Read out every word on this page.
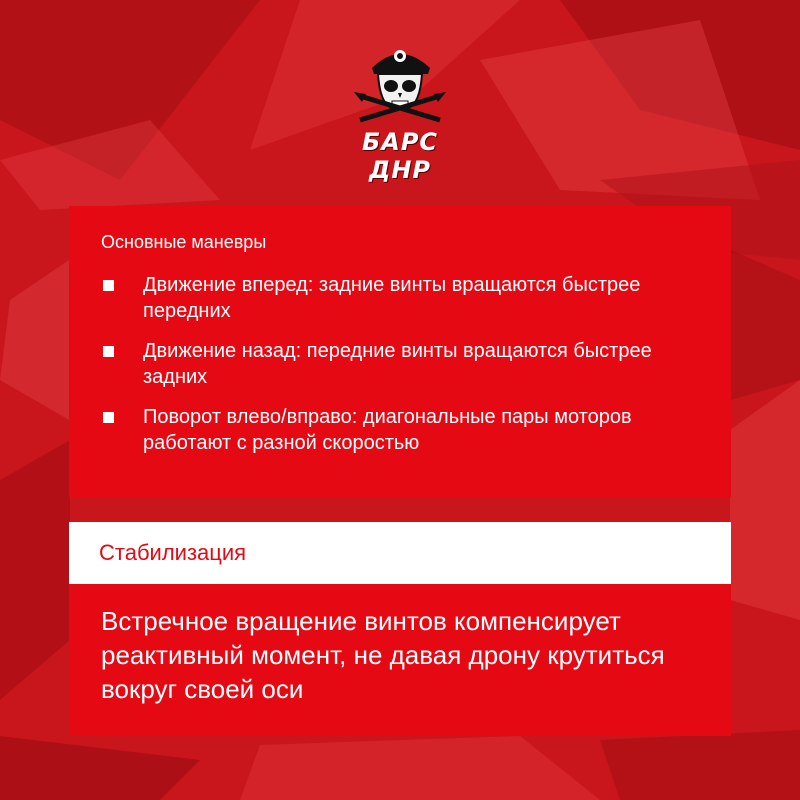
БАРС ДНР
Основные маневры
Движение вперед: задние винты вращаются быстрее передних
Движение назад: передние винты вращаются быстрее задних
Поворот влево/вправо: диагональные пары моторов работают с разной скоростью
Стабилизация

Встречное вращение винтов компенсирует реактивный момент, не давая дрону крутиться вокруг своей оси
